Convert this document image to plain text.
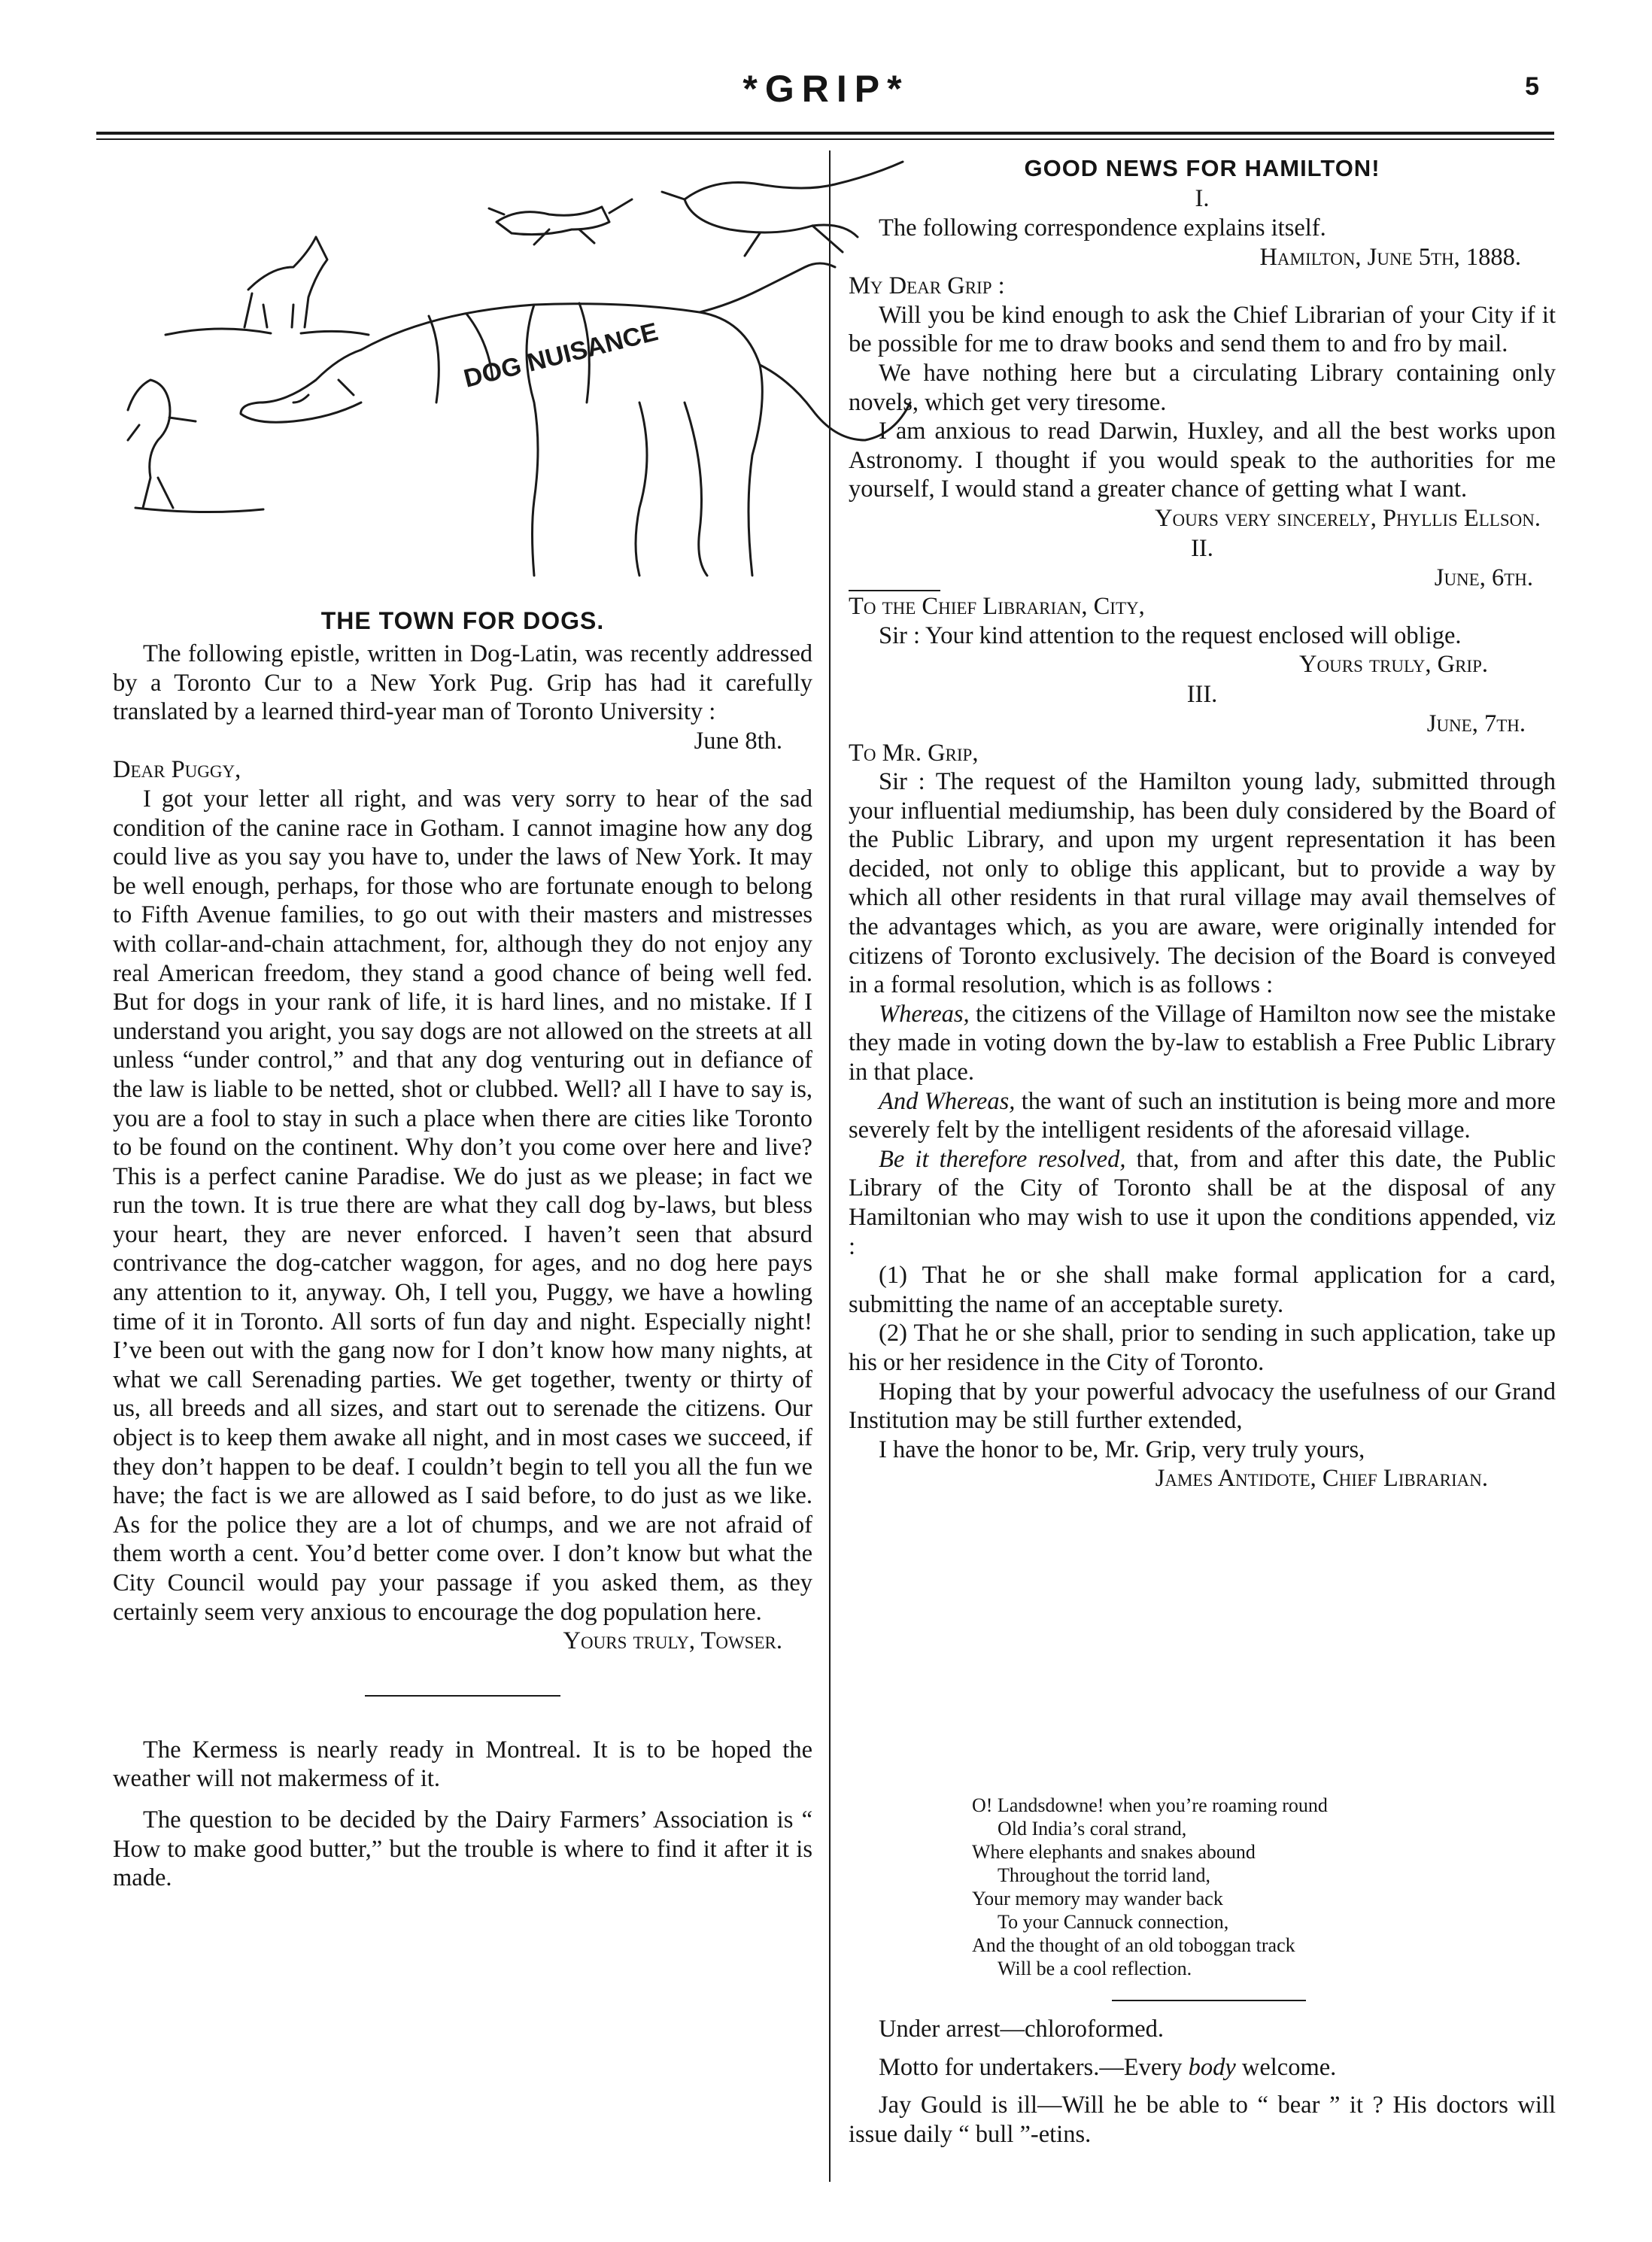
*GRIP*	5
DOG NUISANCE
THE TOWN FOR DOGS.

The following epistle, written in Dog-Latin, was recently addressed by a Toronto Cur to a New York Pug. Grip has had it carefully translated by a learned third-year man of Toronto University :

June 8th.

Dear Puggy,

I got your letter all right, and was very sorry to hear of the sad condition of the canine race in Gotham. I cannot imagine how any dog could live as you say you have to, under the laws of New York. It may be well enough, perhaps, for those who are fortunate enough to belong to Fifth Avenue families, to go out with their masters and mistresses with collar-and-chain attachment, for, although they do not enjoy any real American freedom, they stand a good chance of being well fed. But for dogs in your rank of life, it is hard lines, and no mistake. If I understand you aright, you say dogs are not allowed on the streets at all unless “under control,” and that any dog venturing out in defiance of the law is liable to be netted, shot or clubbed. Well? all I have to say is, you are a fool to stay in such a place when there are cities like Toronto to be found on the continent. Why don’t you come over here and live? This is a perfect canine Paradise. We do just as we please; in fact we run the town. It is true there are what they call dog by-laws, but bless your heart, they are never enforced. I haven’t seen that absurd contrivance the dog-catcher waggon, for ages, and no dog here pays any attention to it, anyway. Oh, I tell you, Puggy, we have a howling time of it in Toronto. All sorts of fun day and night. Especially night! I’ve been out with the gang now for I don’t know how many nights, at what we call Serenading parties. We get together, twenty or thirty of us, all breeds and all sizes, and start out to serenade the citizens. Our object is to keep them awake all night, and in most cases we succeed, if they don’t happen to be deaf. I couldn’t begin to tell you all the fun we have; the fact is we are allowed as I said before, to do just as we like. As for the police they are a lot of chumps, and we are not afraid of them worth a cent. You’d better come over. I don’t know but what the City Council would pay your passage if you asked them, as they certainly seem very anxious to encourage the dog population here.

Yours truly, Towser.

The Kermess is nearly ready in Montreal. It is to be hoped the weather will not makermess of it.

The question to be decided by the Dairy Farmers’ Association is “ How to make good butter,” but the trouble is where to find it after it is made.

GOOD NEWS FOR HAMILTON!
I.

The following correspondence explains itself.

Hamilton, June 5th, 1888.

My Dear Grip :

Will you be kind enough to ask the Chief Librarian of your City if it be possible for me to draw books and send them to and fro by mail.

We have nothing here but a circulating Library containing only novels, which get very tiresome.

I am anxious to read Darwin, Huxley, and all the best works upon Astronomy. I thought if you would speak to the authorities for me yourself, I would stand a greater chance of getting what I want.

Yours very sincerely, Phyllis Ellson.

II.

June, 6th.

To the Chief Librarian, City,

Sir : Your kind attention to the request enclosed will oblige.

Yours truly, Grip.

III.

June, 7th.

To Mr. Grip,

Sir : The request of the Hamilton young lady, submitted through your influential mediumship, has been duly considered by the Board of the Public Library, and upon my urgent representation it has been decided, not only to oblige this applicant, but to provide a way by which all other residents in that rural village may avail themselves of the advantages which, as you are aware, were originally intended for citizens of Toronto exclusively. The decision of the Board is conveyed in a formal resolution, which is as follows :

Whereas, the citizens of the Village of Hamilton now see the mistake they made in voting down the by-law to establish a Free Public Library in that place.

And Whereas, the want of such an institution is being more and more severely felt by the intelligent residents of the aforesaid village.

Be it therefore resolved, that, from and after this date, the Public Library of the City of Toronto shall be at the disposal of any Hamiltonian who may wish to use it upon the conditions appended, viz :

(1) That he or she shall make formal application for a card, submitting the name of an acceptable surety.

(2) That he or she shall, prior to sending in such application, take up his or her residence in the City of Toronto.

Hoping that by your powerful advocacy the usefulness of our Grand Institution may be still further extended,

I have the honor to be, Mr. Grip, very truly yours,

James Antidote, Chief Librarian.

O! Landsdowne! when you’re roaming round
Old India’s coral strand,
Where elephants and snakes abound
Throughout the torrid land,
Your memory may wander back
To your Cannuck connection,
And the thought of an old toboggan track
Will be a cool reflection.

Under arrest—chloroformed.

Motto for undertakers.—Every body welcome.

Jay Gould is ill—Will he be able to “ bear ” it ? His doctors will issue daily “ bull ”-etins.
